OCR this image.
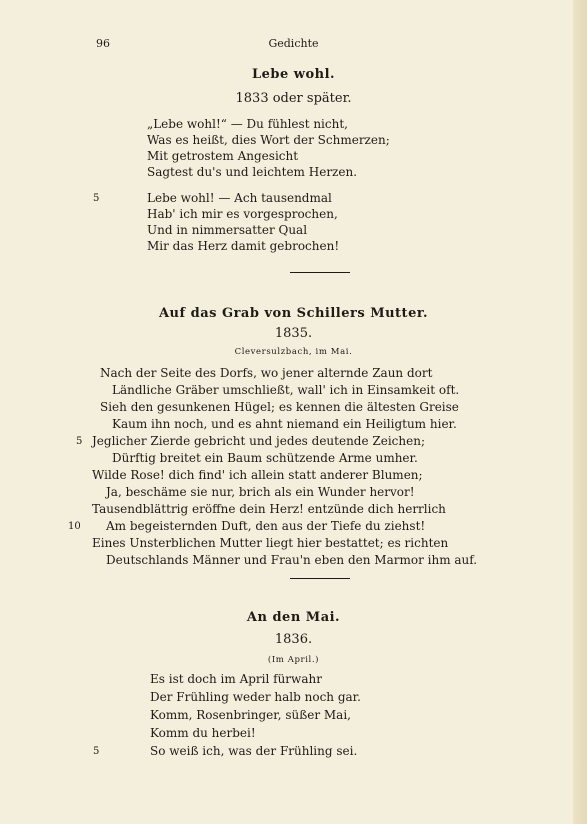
96	Gedichte
Lebe wohl.
1833 oder später.
„Lebe wohl!“ — Du fühlest nicht,
Was es heißt, dies Wort der Schmerzen;
Mit getrostem Angesicht
Sagtest du's und leichtem Herzen.
5	Lebe wohl! — Ach tausendmal
Hab' ich mir es vorgesprochen,
Und in nimmersatter Qual
Mir das Herz damit gebrochen!
Auf das Grab von Schillers Mutter.
1835.
Cleversulzbach, im Mai.
Nach der Seite des Dorfs, wo jener alternde Zaun dort
Ländliche Gräber umschließt, wall' ich in Einsamkeit oft.
Sieh den gesunkenen Hügel; es kennen die ältesten Greise
Kaum ihn noch, und es ahnt niemand ein Heiligtum hier.
5 Jeglicher Zierde gebricht und jedes deutende Zeichen;
Dürftig breitet ein Baum schützende Arme umher.
Wilde Rose! dich find' ich allein statt anderer Blumen;
Ja, beschäme sie nur, brich als ein Wunder hervor!
Tausendblättrig eröffne dein Herz! entzünde dich herrlich
10 Am begeisternden Duft, den aus der Tiefe du ziehst!
Eines Unsterblichen Mutter liegt hier bestattet; es richten
Deutschlands Männer und Frau'n eben den Marmor ihm auf.
An den Mai.
1836.
(Im April.)
Es ist doch im April fürwahr
Der Frühling weder halb noch gar.
Komm, Rosenbringer, süßer Mai,
Komm du herbei!
5	So weiß ich, was der Frühling sei.
